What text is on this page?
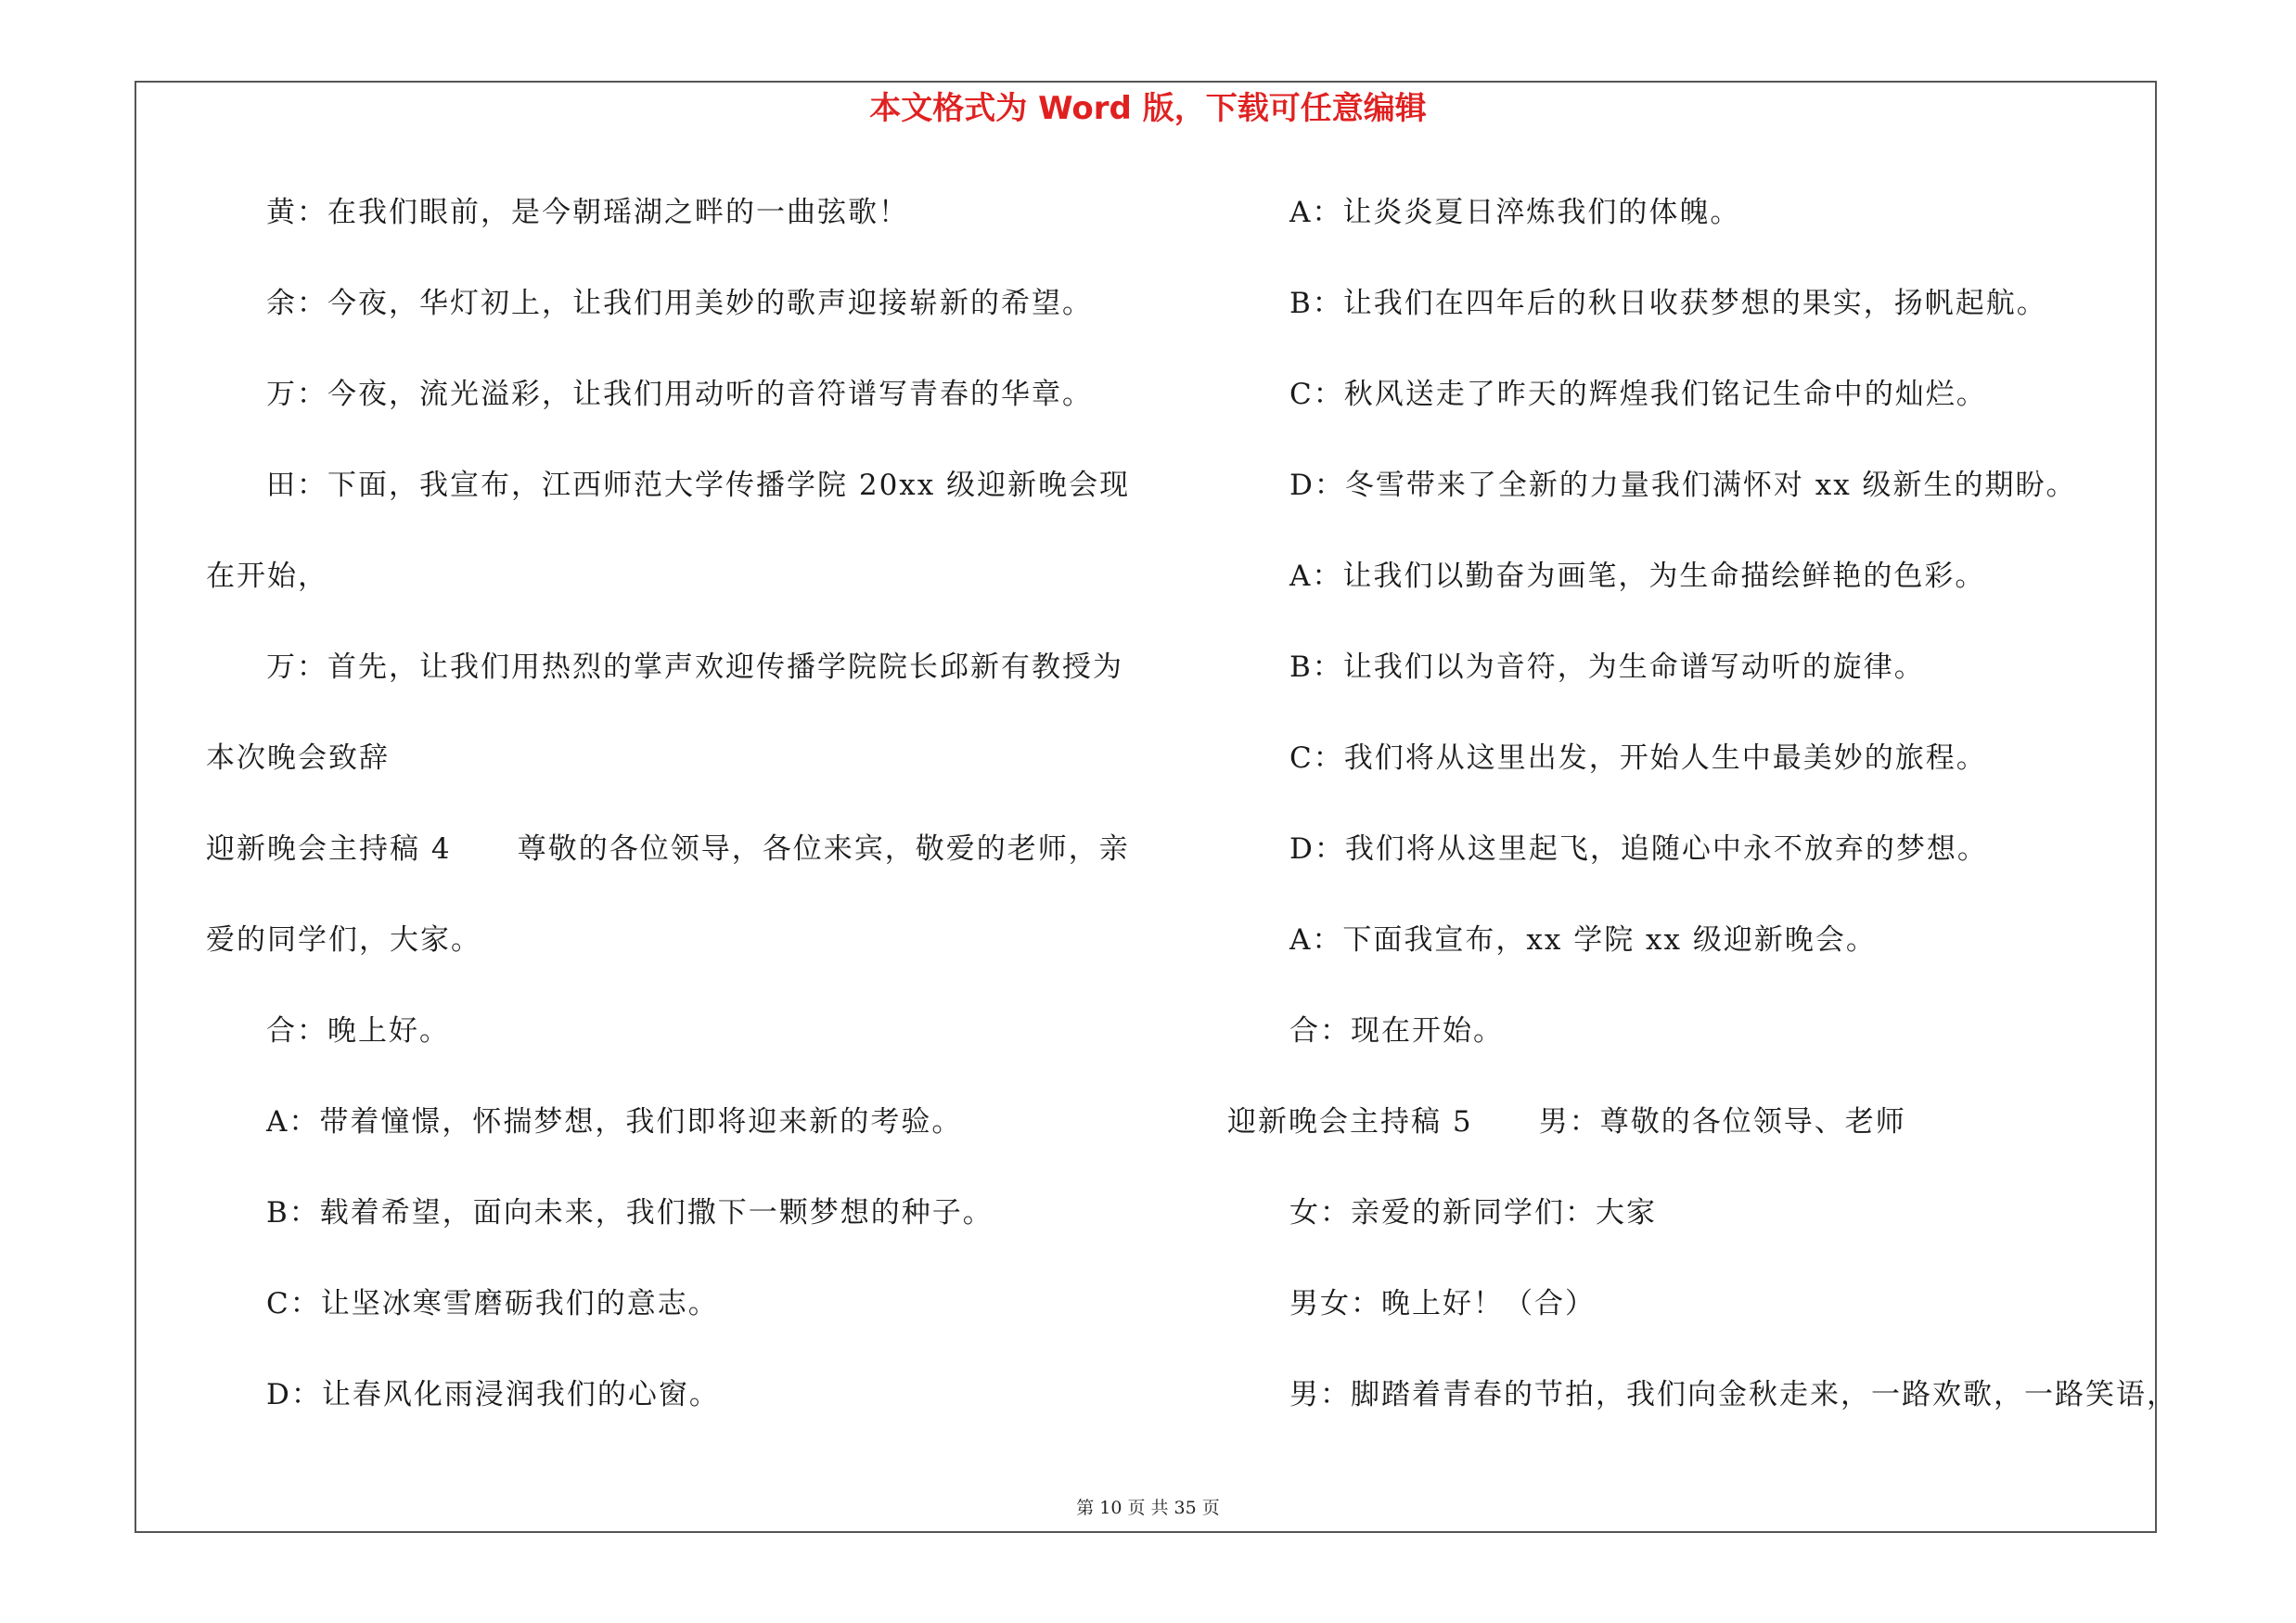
本文格式为 Word 版，下载可任意编辑
黄：在我们眼前，是今朝瑶湖之畔的一曲弦歌！
余：今夜，华灯初上，让我们用美妙的歌声迎接崭新的希望。
万：今夜，流光溢彩，让我们用动听的音符谱写青春的华章。
田：下面，我宣布，江西师范大学传播学院 20xx 级迎新晚会现
在开始，
万：首先，让我们用热烈的掌声欢迎传播学院院长邱新有教授为
本次晚会致辞
迎新晚会主持稿 4      尊敬的各位领导，各位来宾，敬爱的老师，亲
爱的同学们，大家。
合：晚上好。
A：带着憧憬，怀揣梦想，我们即将迎来新的考验。
B：载着希望，面向未来，我们撒下一颗梦想的种子。
C：让坚冰寒雪磨砺我们的意志。
D：让春风化雨浸润我们的心窗。
A：让炎炎夏日淬炼我们的体魄。
B：让我们在四年后的秋日收获梦想的果实，扬帆起航。
C：秋风送走了昨天的辉煌我们铭记生命中的灿烂。
D：冬雪带来了全新的力量我们满怀对 xx 级新生的期盼。
A：让我们以勤奋为画笔，为生命描绘鲜艳的色彩。
B：让我们以为音符，为生命谱写动听的旋律。
C：我们将从这里出发，开始人生中最美妙的旅程。
D：我们将从这里起飞，追随心中永不放弃的梦想。
A：下面我宣布，xx 学院 xx 级迎新晚会。
合：现在开始。
迎新晚会主持稿 5      男：尊敬的各位领导、老师
女：亲爱的新同学们：大家
男女：晚上好！（合）
男：脚踏着青春的节拍，我们向金秋走来，一路欢歌，一路笑语，
第 10 页 共 35 页
